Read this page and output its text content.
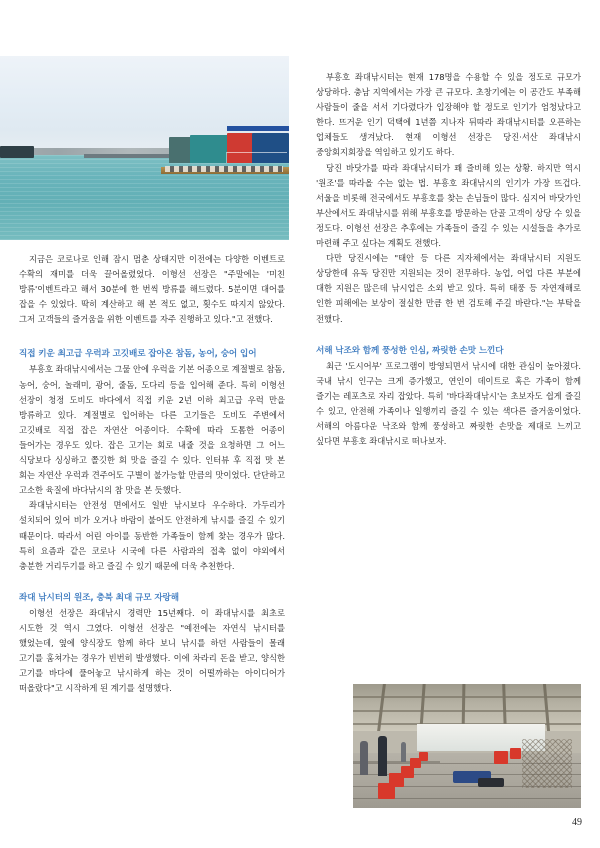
지금은 코로나로 인해 잠시 멈춘 상태지만 이전에는 다양한 이벤트로 수확의 재미를 더욱 끌어올렸었다. 이형선 선장은 "주말에는 '미친 방류'이벤트라고 해서 30분에 한 번씩 방류를 해드렸다. 5분이면 대어를 잡을 수 있었다. 딱히 계산하고 해 본 적도 없고, 횟수도 따지지 않았다. 그저 고객들의 즐거움을 위한 이벤트를 자주 진행하고 있다."고 전했다.

직접 키운 최고급 우럭과 고깃배로 잡아온 참돔, 농어, 숭어 입어

부흥호 좌대낚시에서는 그물 안에 우럭을 기본 어종으로 계절별로 참돔, 농어, 숭어, 놀래미, 광어, 줄돔, 도다리 등을 입어해 준다. 특히 이형선 선장이 청정 도비도 바다에서 직접 키운 2년 이하 최고급 우럭 만을 방류하고 있다. 계절별로 입어하는 다른 고기들은 도비도 주변에서 고깃배로 직접 잡은 자연산 어종이다. 수확에 따라 도톰한 어종이 들어가는 경우도 있다. 잡은 고기는 회로 내줄 것을 요청하면 그 어느 식당보다 싱싱하고 쫄깃한 회 맛을 즐길 수 있다. 인터뷰 후 직접 맛 본 회는 자연산 우럭과 견주어도 구별이 불가능할 만큼의 맛이었다. 단단하고 고소한 육질에 바다낚시의 참 맛을 본 듯했다.

좌대낚시터는 안전성 면에서도 일반 낚시보다 우수하다. 가두리가 설치되어 있어 비가 오거나 바람이 불어도 안전하게 낚시를 즐길 수 있기 때문이다. 따라서 어린 아이를 동반한 가족들이 함께 찾는 경우가 많다. 특히 요즘과 같은 코로나 시국에 다른 사람과의 접촉 없이 야외에서 충분한 거리두기를 하고 즐길 수 있기 때문에 더욱 추천한다.

좌대 낚시터의 원조, 충북 최대 규모 자랑해

이형선 선장은 좌대낚시 경력만 15년째다. 이 좌대낚시를 최초로 시도한 것 역시 그였다. 이형선 선장은 "예전에는 자연식 낚시터를 했었는데, 옆에 양식장도 함께 하다 보니 낚시를 하던 사람들이 몰래 고기를 훔쳐가는 경우가 빈번히 발생했다. 이에 차라리 돈을 받고, 양식한 고기를 바다에 풀어놓고 낚시하게 하는 것이 어떨까하는 아이디어가 떠올랐다"고 시작하게 된 계기를 설명했다.

부흥호 좌대낚시터는 현재 178명을 수용할 수 있을 정도로 규모가 상당하다. 충남 지역에서는 가장 큰 규모다. 초창기에는 이 공간도 부족해 사람들이 줄을 서서 기다렸다가 입장해야 할 정도로 인기가 엄청났다고 한다. 뜨거운 인기 덕택에 1년쯤 지나자 뒤따라 좌대낚시터를 오픈하는 업체들도 생겨났다. 현재 이형선 선장은 당진·서산 좌대낚시 중앙회지회장을 역임하고 있기도 하다.

당진 바닷가를 따라 좌대낚시터가 꽤 즐비해 있는 상황. 하지만 역시 '원조'를 따라올 수는 없는 법. 부흥호 좌대낚시의 인기가 가장 뜨겁다. 서울을 비롯해 전국에서도 부흥호를 찾는 손님들이 많다. 심지어 바닷가인 부산에서도 좌대낚시를 위해 부흥호를 방문하는 단골 고객이 상당 수 있을 정도다. 이형선 선장은 추후에는 가족들이 즐길 수 있는 시설들을 추가로 마련해 주고 싶다는 계획도 전했다.

다만 당진시에는 "태안 등 다른 지자체에서는 좌대낚시터 지원도 상당한데 유독 당진만 지원되는 것이 전무하다. 농업, 어업 다른 부분에 대한 지원은 많은데 낚시업은 소외 받고 있다. 특히 태풍 등 자연재해로 인한 피해에는 보상이 절실한 만큼 한 번 검토해 주길 바란다."는 부탁을 전했다.

서해 낙조와 함께 풍성한 인심, 짜릿한 손맛 느낀다

최근 '도시어부' 프로그램이 방영되면서 낚시에 대한 관심이 높아졌다. 국내 낚시 인구는 크게 증가했고, 연인이 데이트로 혹은 가족이 함께 즐기는 레포츠로 자리 잡았다. 특히 '바다좌대낚시'는 초보자도 쉽게 즐길 수 있고, 안전해 가족이나 일행끼리 즐길 수 있는 색다른 즐거움이었다. 서해의 아름다운 낙조와 함께 풍성하고 짜릿한 손맛을 제대로 느끼고 싶다면 부흥호 좌대낚시로 떠나보자.

49
